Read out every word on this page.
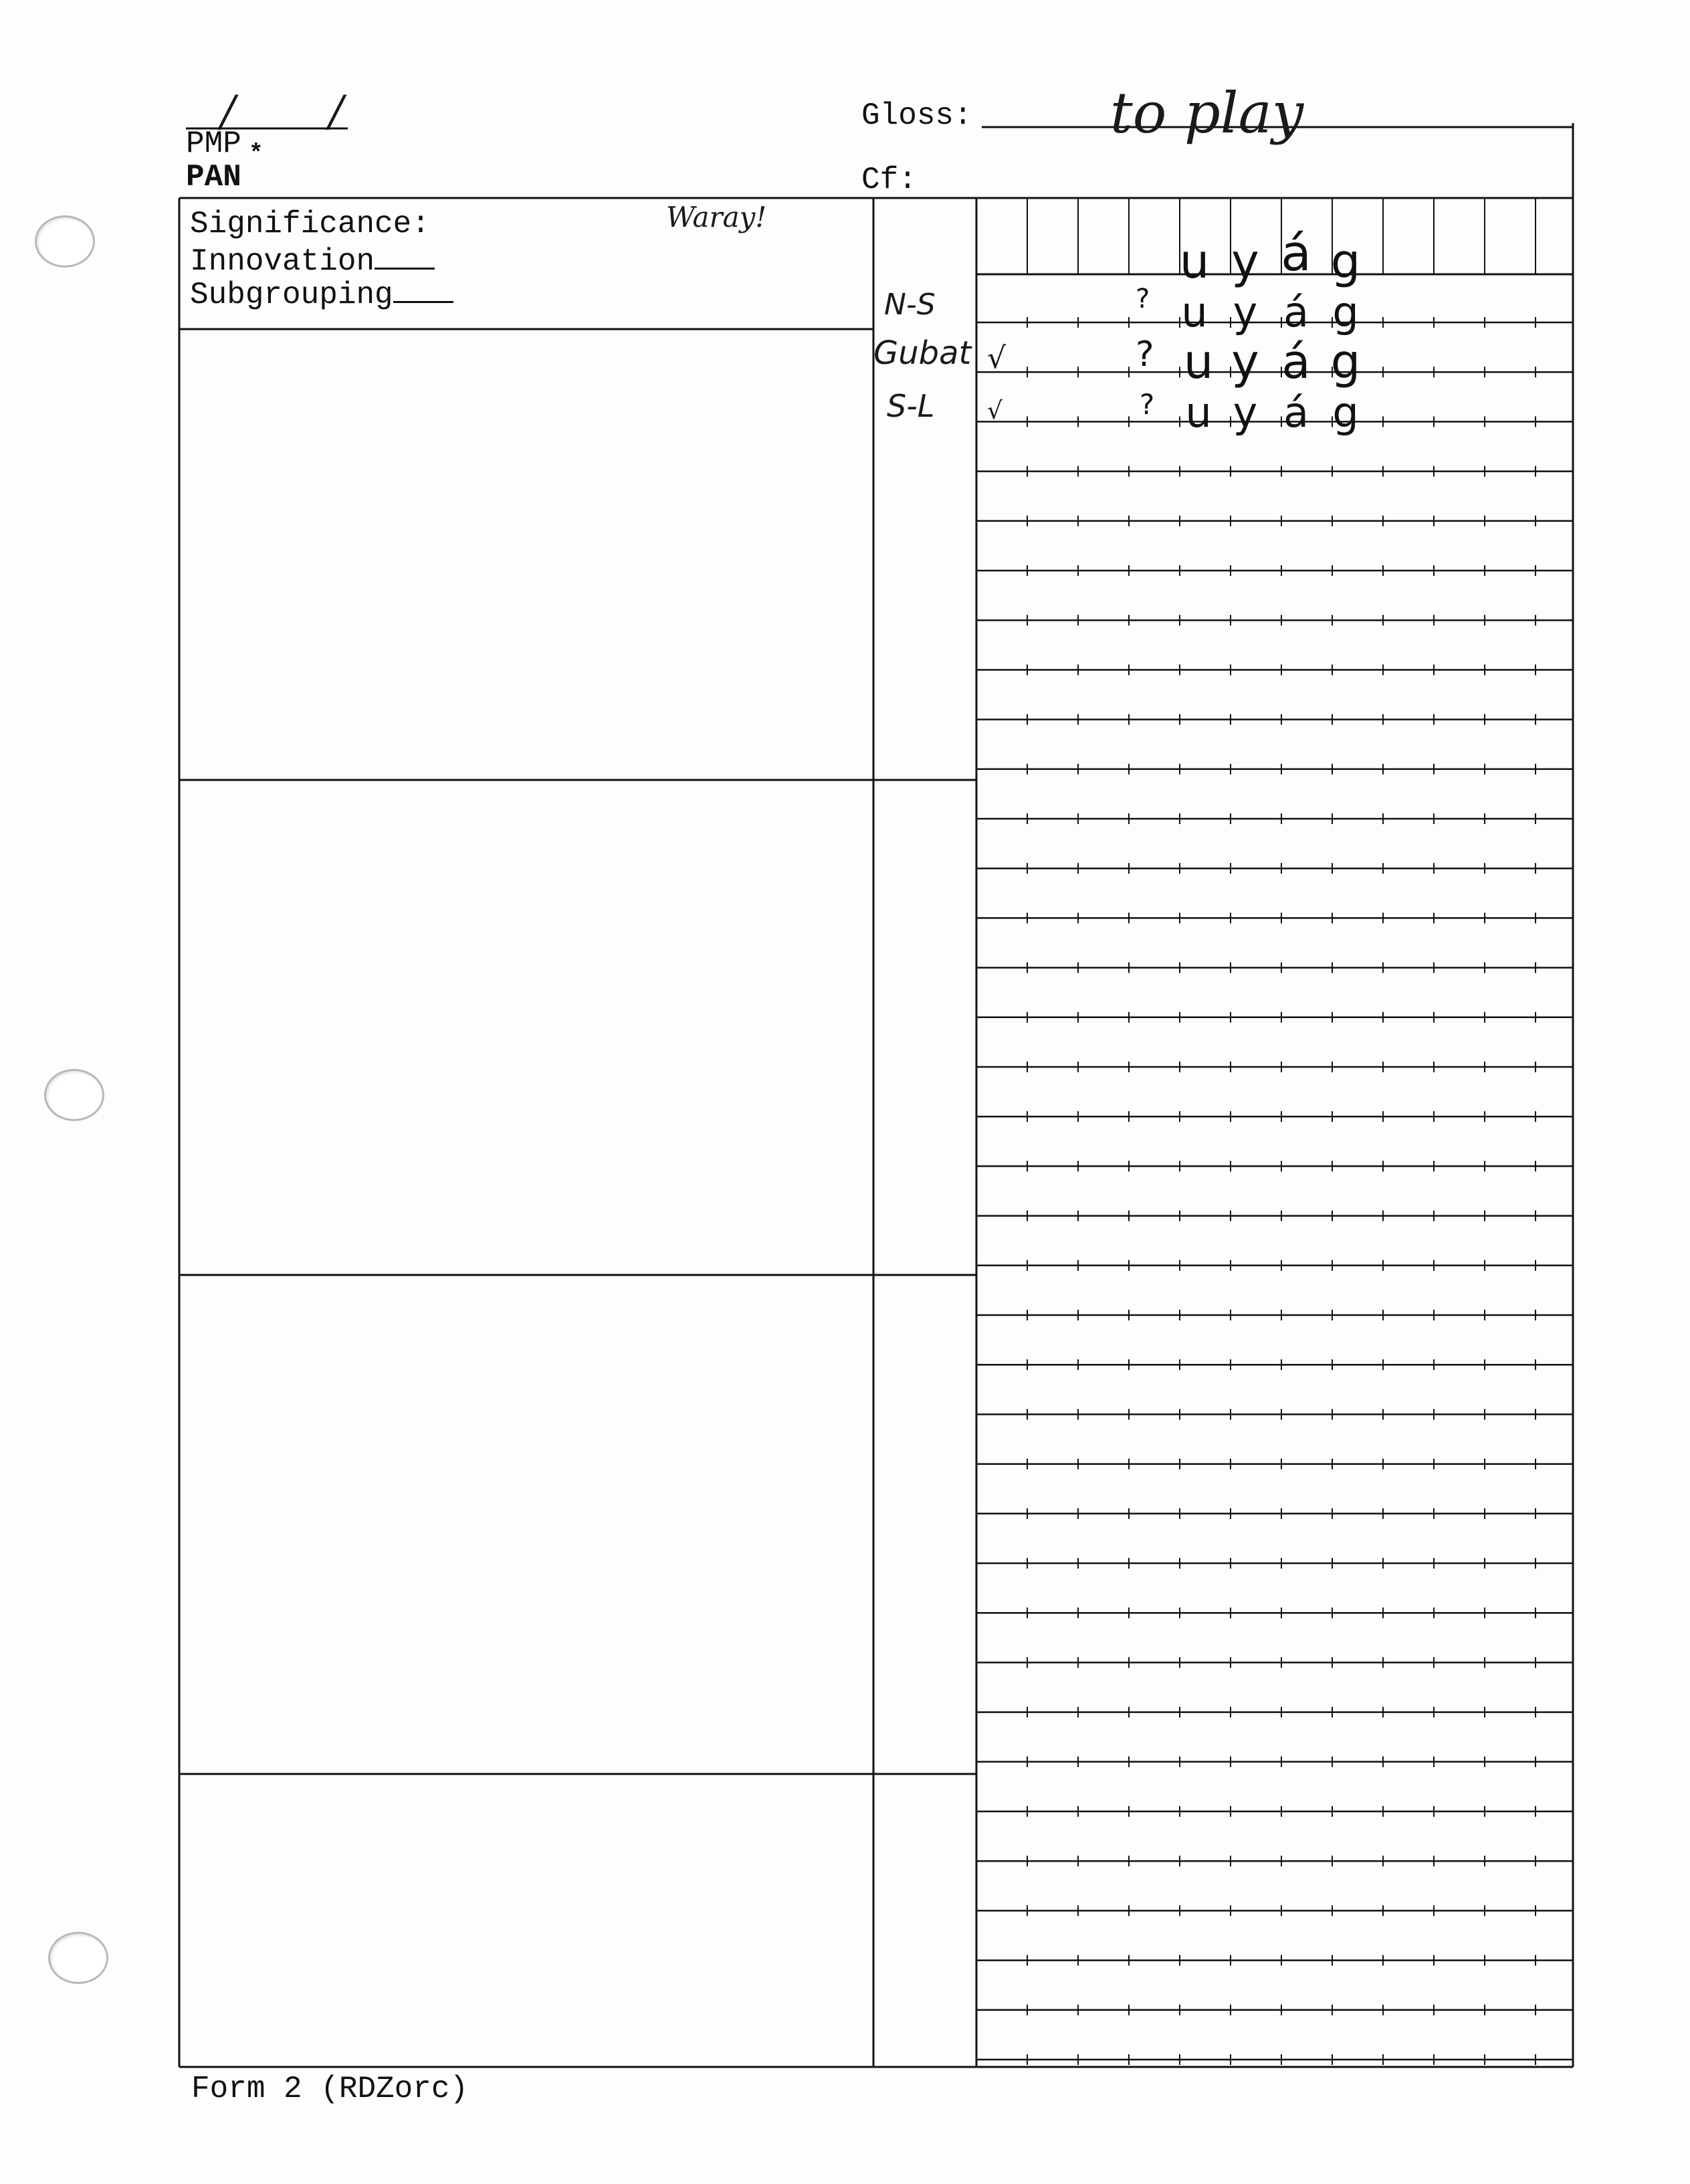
/ /
PMP *
PAN
Gloss: to play
Cf:
Significance:
Innovation
Subgrouping
Waray!
u y á g
N-S	? u y á g
Gubat √	? u y á g
S-L √	? u y á g
Form 2 (RDZorc)
